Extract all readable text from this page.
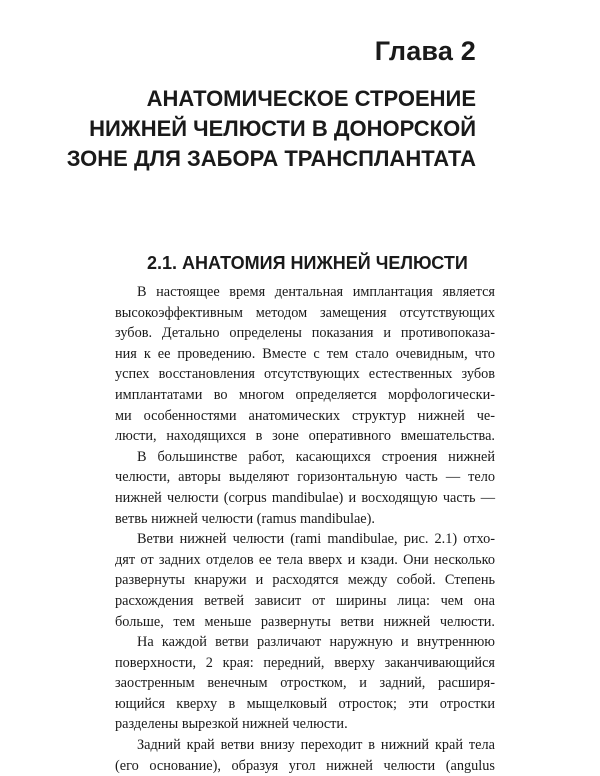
Глава 2
АНАТОМИЧЕСКОЕ СТРОЕНИЕ
НИЖНЕЙ ЧЕЛЮСТИ В ДОНОРСКОЙ
ЗОНЕ ДЛЯ ЗАБОРА ТРАНСПЛАНТАТА
2.1. АНАТОМИЯ НИЖНЕЙ ЧЕЛЮСТИ
В настоящее время дентальная имплантация является
высокоэффективным методом замещения отсутствующих
зубов. Детально определены показания и противопоказа-
ния к ее проведению. Вместе с тем стало очевидным, что
успех восстановления отсутствующих естественных зубов
имплантатами во многом определяется морфологически-
ми особенностями анатомических структур нижней че-
люсти, находящихся в зоне оперативного вмешательства.
В большинстве работ, касающихся строения нижней
челюсти, авторы выделяют горизонтальную часть — тело
нижней челюсти (corpus mandibulae) и восходящую часть —
ветвь нижней челюсти (ramus mandibulae).
Ветви нижней челюсти (rami mandibulae, рис. 2.1) отхо-
дят от задних отделов ее тела вверх и кзади. Они несколько
развернуты кнаружи и расходятся между собой. Степень
расхождения ветвей зависит от ширины лица: чем она
больше, тем меньше развернуты ветви нижней челюсти.
На каждой ветви различают наружную и внутреннюю
поверхности, 2 края: передний, вверху заканчивающийся
заостренным венечным отростком, и задний, расширя-
ющийся кверху в мыщелковый отросток; эти отростки
разделены вырезкой нижней челюсти.
Задний край ветви внизу переходит в нижний край тела
(его основание), образуя угол нижней челюсти (angulus
